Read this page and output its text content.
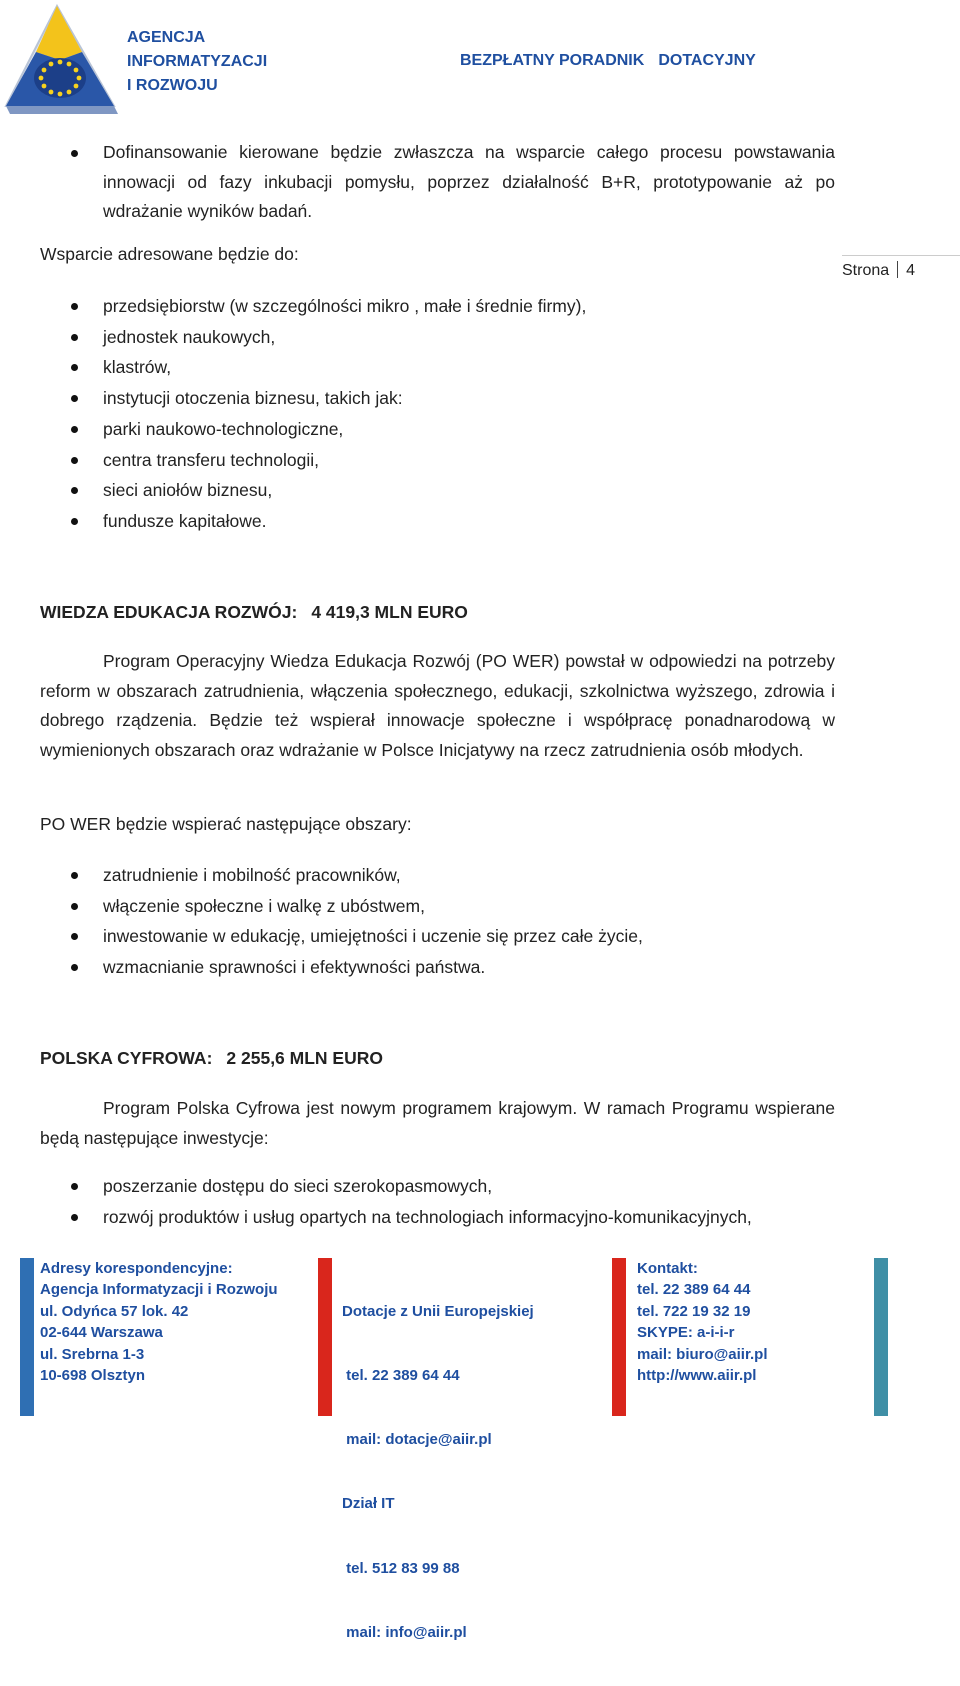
AGENCJA
INFORMATYZACJI
I ROZWOJU
BEZPŁATNY PORADNIK DOTACYJNY
Strona 4
Dofinansowanie kierowane będzie zwłaszcza na wsparcie całego procesu powstawania innowacji od fazy inkubacji pomysłu, poprzez działalność B+R, prototypowanie aż po wdrażanie wyników badań.
Wsparcie adresowane będzie do:
przedsiębiorstw (w szczególności mikro , małe i średnie firmy),
jednostek naukowych,
klastrów,
instytucji otoczenia biznesu, takich jak:
parki naukowo-technologiczne,
centra transferu technologii,
sieci aniołów biznesu,
fundusze kapitałowe.
WIEDZA EDUKACJA ROZWÓJ: 4 419,3 MLN EURO
Program Operacyjny Wiedza Edukacja Rozwój (PO WER) powstał w odpowiedzi na potrzeby reform w obszarach zatrudnienia, włączenia społecznego, edukacji, szkolnictwa wyższego, zdrowia i dobrego rządzenia. Będzie też wspierał innowacje społeczne i współpracę ponadnarodową w wymienionych obszarach oraz wdrażanie w Polsce Inicjatywy na rzecz zatrudnienia osób młodych.
PO WER będzie wspierać następujące obszary:
zatrudnienie i mobilność pracowników,
włączenie społeczne i walkę z ubóstwem,
inwestowanie w edukację, umiejętności i uczenie się przez całe życie,
wzmacnianie sprawności i efektywności państwa.
POLSKA CYFROWA: 2 255,6 MLN EURO
Program Polska Cyfrowa jest nowym programem krajowym. W ramach Programu wspierane będą następujące inwestycje:
poszerzanie dostępu do sieci szerokopasmowych,
rozwój produktów i usług opartych na technologiach informacyjno-komunikacyjnych,
Adresy korespondencyjne:
Agencja Informatyzacji i Rozwoju
ul. Odyńca 57 lok. 42
02-644 Warszawa
ul. Srebrna 1-3
10-698 Olsztyn

Dotacje z Unii Europejskiej

tel. 22 389 64 44

mail: dotacje@aiir.pl

Dział IT

tel. 512 83 99 88

mail: info@aiir.pl

Kontakt:
tel. 22 389 64 44
tel. 722 19 32 19
SKYPE: a-i-i-r
mail: biuro@aiir.pl
http://www.aiir.pl
